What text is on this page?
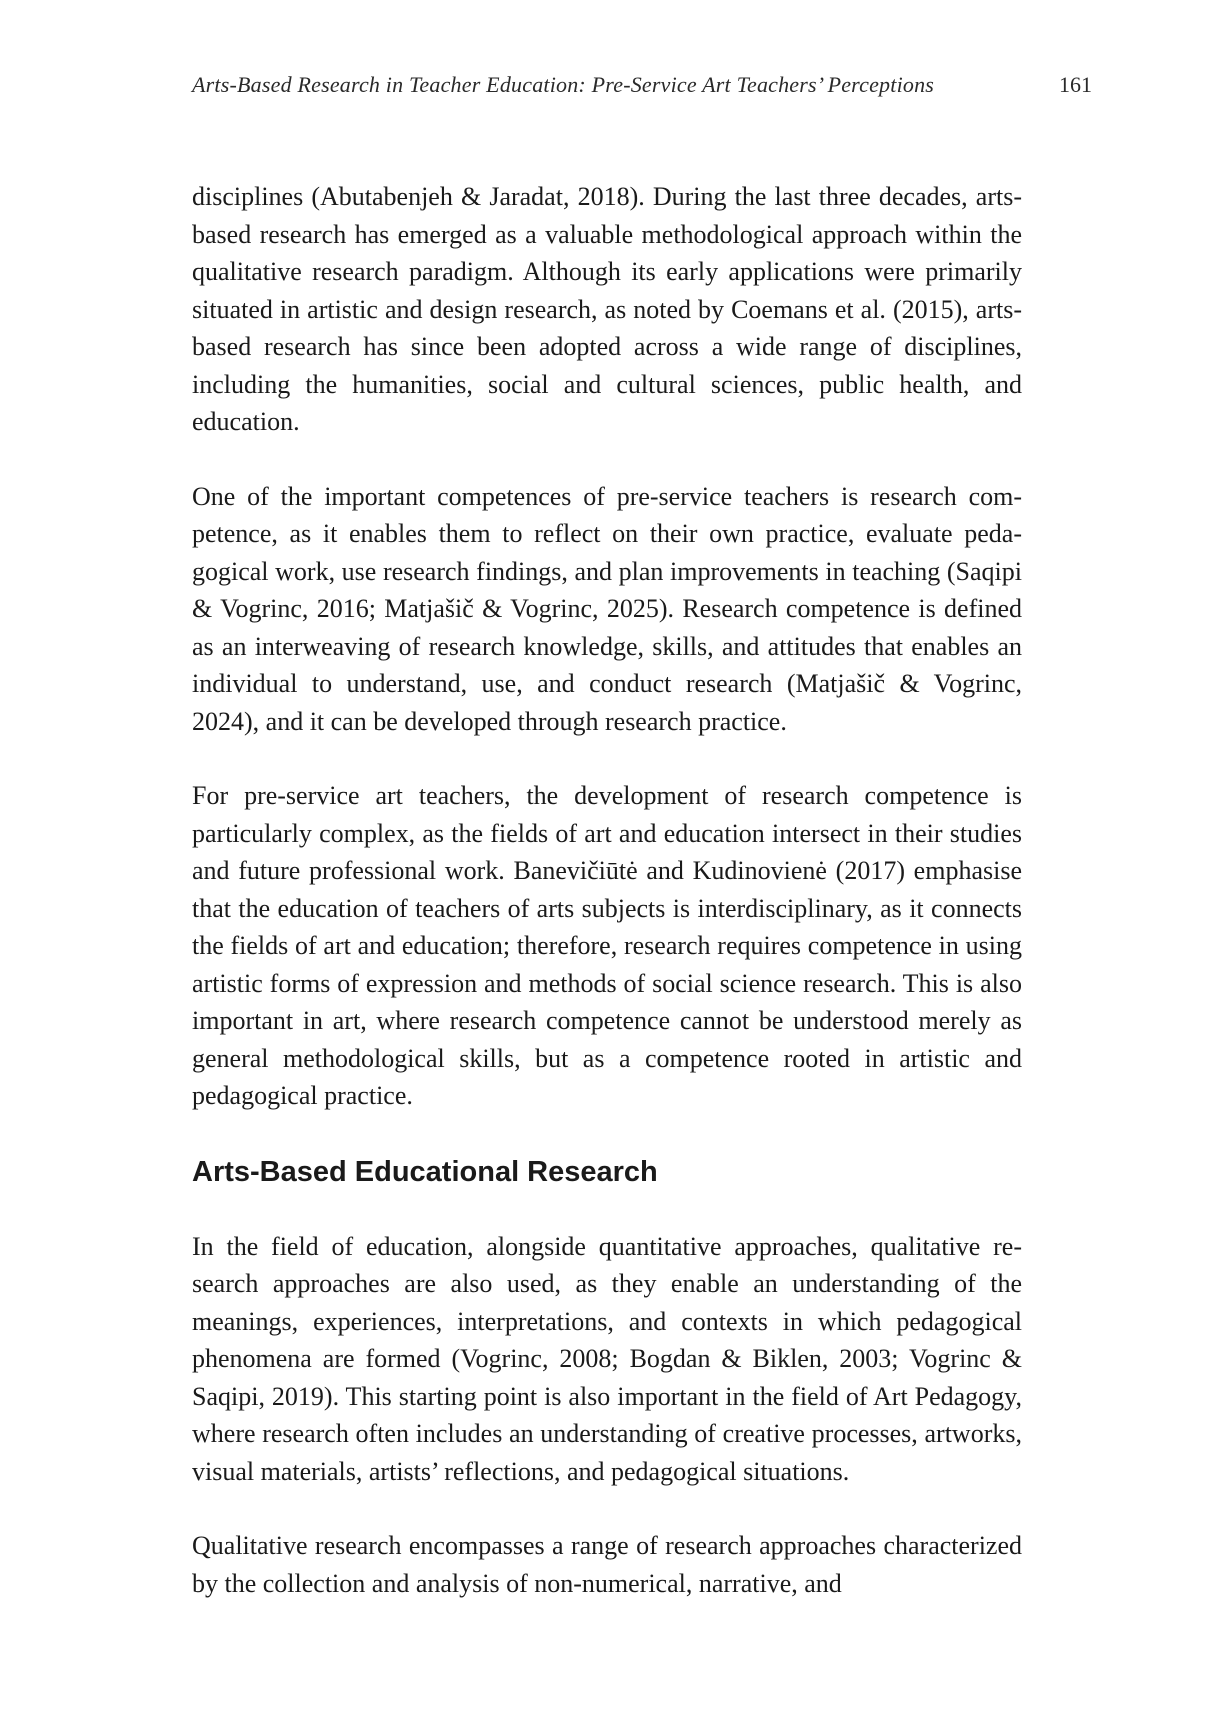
Arts-Based Research in Teacher Education: Pre-Service Art Teachers’ Perceptions	161

disciplines (Abutabenjeh & Jaradat, 2018). During the last three decades, arts-based research has emerged as a valuable methodological approach within the qualitative research paradigm. Although its early applications were primarily situated in artistic and design research, as noted by Coemans et al. (2015), arts-based research has since been adopted across a wide range of disciplines, including the humanities, social and cultural sciences, public health, and education.

One of the important competences of pre-service teachers is research competence, as it enables them to reflect on their own practice, evaluate pedagogical work, use research findings, and plan improvements in teaching (Saqipi & Vogrinc, 2016; Matjašič & Vogrinc, 2025). Research competence is defined as an interweaving of research knowledge, skills, and attitudes that enables an individual to understand, use, and conduct research (Matjašič & Vogrinc, 2024), and it can be developed through research practice.

For pre-service art teachers, the development of research competence is particularly complex, as the fields of art and education intersect in their studies and future professional work. Banevičiūtė and Kudinovienė (2017) emphasise that the education of teachers of arts subjects is interdisciplinary, as it connects the fields of art and education; therefore, research requires competence in using artistic forms of expression and methods of social science research. This is also important in art, where research competence cannot be understood merely as general methodological skills, but as a competence rooted in artistic and pedagogical practice.

Arts-Based Educational Research

In the field of education, alongside quantitative approaches, qualitative research approaches are also used, as they enable an understanding of the meanings, experiences, interpretations, and contexts in which pedagogical phenomena are formed (Vogrinc, 2008; Bogdan & Biklen, 2003; Vogrinc & Saqipi, 2019). This starting point is also important in the field of Art Pedagogy, where research often includes an understanding of creative processes, artworks, visual materials, artists’ reflections, and pedagogical situations.

Qualitative research encompasses a range of research approaches characterized by the collection and analysis of non-numerical, narrative, and
